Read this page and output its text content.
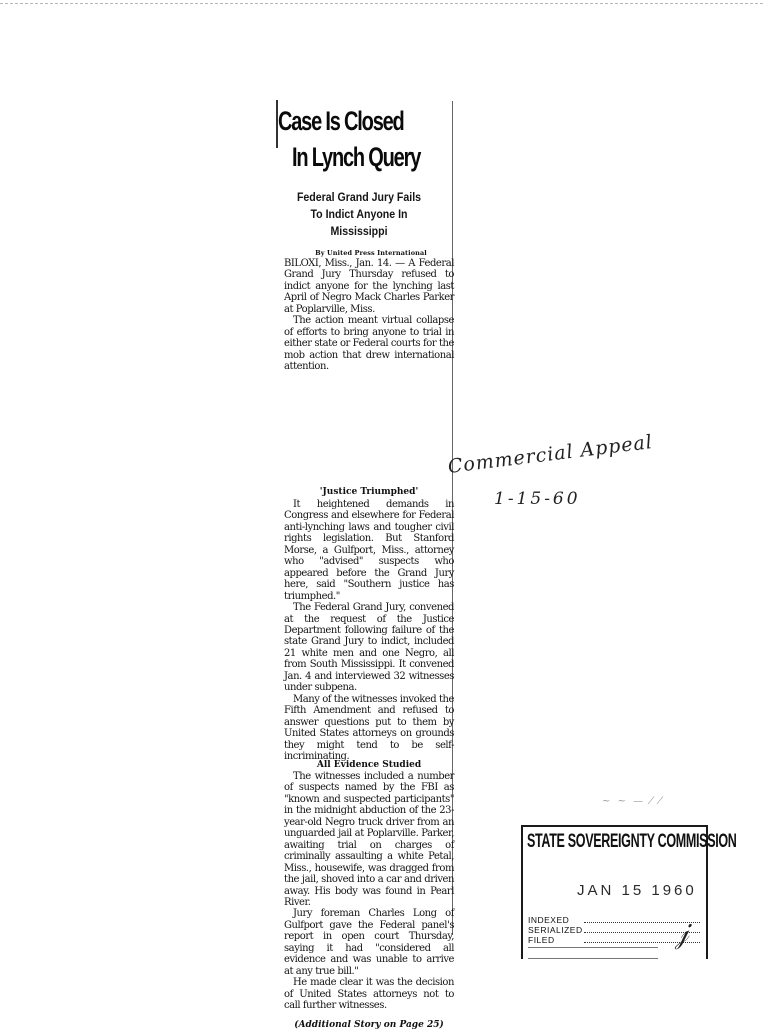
Case Is Closed
In Lynch Query
Federal Grand Jury Fails
To Indict Anyone In
Mississippi
By United Press International

BILOXI, Miss., Jan. 14. — A Federal Grand Jury Thursday refused to indict anyone for the lynching last April of Negro Mack Charles Parker at Poplarville, Miss.

The action meant virtual collapse of efforts to bring anyone to trial in either state or Federal courts for the mob action that drew international attention.

'Justice Triumphed'

It heightened demands in Congress and elsewhere for Federal anti-lynching laws and tougher civil rights legislation. But Stanford Morse, a Gulfport, Miss., attorney who "advised" suspects who appeared before the Grand Jury here, said "Southern justice has triumphed."

The Federal Grand Jury, convened at the request of the Justice Department following failure of the state Grand Jury to indict, included 21 white men and one Negro, all from South Mississippi. It convened Jan. 4 and interviewed 32 witnesses under subpena.

Many of the witnesses invoked the Fifth Amendment and refused to answer questions put to them by United States attorneys on grounds they might tend to be self-incriminating.

All Evidence Studied

The witnesses included a number of suspects named by the FBI as "known and suspected participants" in the midnight abduction of the 23-year-old Negro truck driver from an unguarded jail at Poplarville. Parker, awaiting trial on charges of criminally assaulting a white Petal, Miss., housewife, was dragged from the jail, shoved into a car and driven away. His body was found in Pearl River.

Jury foreman Charles Long of Gulfport gave the Federal panel's report in open court Thursday, saying it had "considered all evidence and was unable to arrive at any true bill."

He made clear it was the decision of United States attorneys not to call further witnesses.

(Additional Story on Page 25)
Commercial Appeal
1-15-60
~ ~ — ⁄ ⁄
STATE SOVEREIGNTY COMMISSION
JAN 15 1960
INDEXED
SERIALIZED
FILED	𝒿
